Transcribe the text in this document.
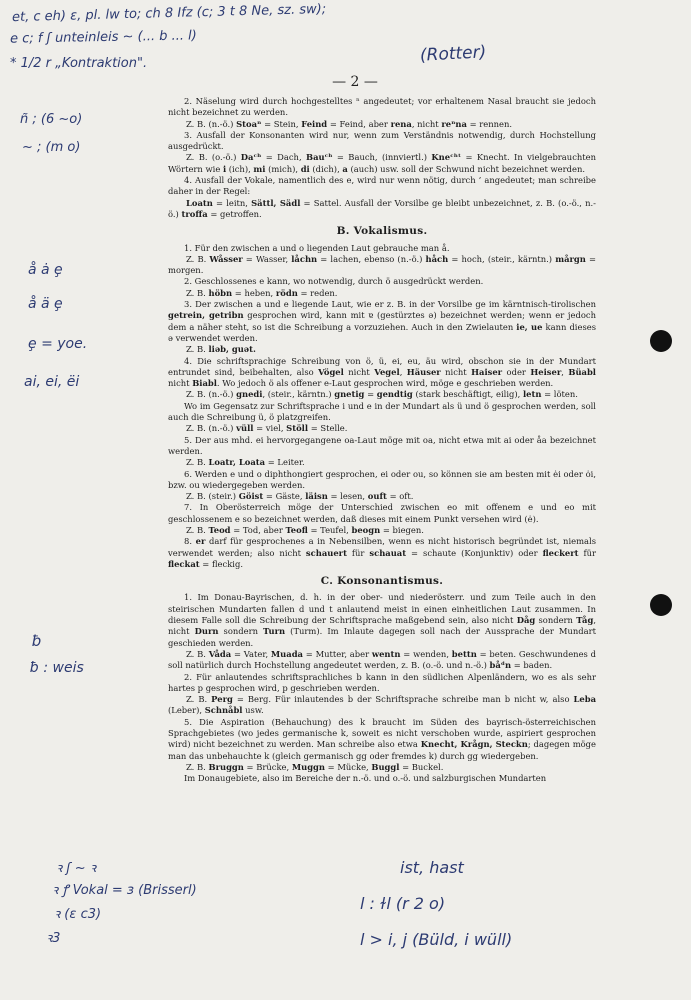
et, c eh) ε, pl. lw to; ch 8 Ifz (c; 3 t 8 Ne, sz. sw);
e c; f ʃ unteinleis ~ (... b ... l)
* 1/2 r „Kontraktion".	(Rotter)
— 2 —
ñ ; (6 ~o)
~ ; (m o)
å ȧ ȩ
å ä ȩ
ȩ = yoe.
ai, ei, ëi
ƀ
ƀ : weis

2. Näselung wird durch hochgestelltes ⁿ angedeutet; vor erhaltenem Nasal braucht sie jedoch nicht bezeichnet zu werden.

Z. B. (n.-ö.) Stoaⁿ = Stein, Feind = Feind, aber rena, nicht reⁿna = rennen.

3. Ausfall der Konsonanten wird nur, wenn zum Verständnis notwendig, durch Hochstellung ausgedrückt.

Z. B. (o.-ö.) Daᶜʰ = Dach, Bauᶜʰ = Bauch, (innviertl.) Kneᶜʰᵗ = Knecht. In vielgebrauchten Wörtern wie i (ich), mi (mich), di (dich), a (auch) usw. soll der Schwund nicht bezeichnet werden.

4. Ausfall der Vokale, namentlich des e, wird nur wenn nötig, durch ’ angedeutet; man schreibe daher in der Regel:

Loatn = leitn, Sättl, Sädl = Sattel. Ausfall der Vorsilbe ge bleibt unbezeichnet, z. B. (o.-ö., n.-ö.) troffa = getroffen.

B. Vokalismus.

1. Für den zwischen a und o liegenden Laut gebrauche man å.

Z. B. Wåsser = Wasser, låchn = lachen, ebenso (n.-ö.) håch = hoch, (steir., kärntn.) mårgn = morgen.

2. Geschlossenes e kann, wo notwendig, durch ö ausgedrückt werden.

Z. B. höbn = heben, rödn = reden.

3. Der zwischen a und e liegende Laut, wie er z. B. in der Vorsilbe ge im kärntnisch-tirolischen getrein, getribn gesprochen wird, kann mit ɐ (gestürztes ə) bezeichnet werden; wenn er jedoch dem a näher steht, so ist die Schreibung a vorzuziehen. Auch in den Zwielauten ie, ue kann dieses ə verwendet werden.

Z. B. liəb, guət.

4. Die schriftsprachige Schreibung von ö, ü, ei, eu, äu wird, obschon sie in der Mundart entrundet sind, beibehalten, also Vögel nicht Vegel, Häuser nicht Haiser oder Heiser, Büabl nicht Biabl. Wo jedoch ö als offener e-Laut gesprochen wird, möge e geschrieben werden.

Z. B. (n.-ö.) gnedi, (steir., kärntn.) gnetig = gendtig (stark beschäftigt, eilig), letn = löten.

Wo im Gegensatz zur Schriftsprache i und e in der Mundart als ü und ö gesprochen werden, soll auch die Schreibung ü, ö platzgreifen.

Z. B. (n.-ö.) vüll = viel, Stöll = Stelle.

5. Der aus mhd. ei hervorgegangene oa-Laut möge mit oa, nicht etwa mit ai oder åa bezeichnet werden.

Z. B. Loatr, Loata = Leiter.

6. Werden e und o diphthongiert gesprochen, ei oder ou, so können sie am besten mit ėi oder ȯi, bzw. ou wiedergegeben werden.

Z. B. (steir.) Göist = Gäste, läisn = lesen, ouft = oft.

7. In Oberösterreich möge der Unterschied zwischen eo mit offenem e und eo mit geschlossenem e so bezeichnet werden, daß dieses mit einem Punkt versehen wird (ė).

Z. B. Teod = Tod, aber Teofl = Teufel, beogn = biegen.

8. er darf für gesprochenes a in Nebensilben, wenn es nicht historisch begründet ist, niemals verwendet werden; also nicht schauert für schauat = schaute (Konjunktiv) oder fleckert für fleckat = fleckig.

C. Konsonantismus.

1. Im Donau-Bayrischen, d. h. in der ober- und niederösterr. und zum Teile auch in den steirischen Mundarten fallen d und t anlautend meist in einen einheitlichen Laut zusammen. In diesem Falle soll die Schreibung der Schriftsprache maßgebend sein, also nicht Dåg sondern Tåg, nicht Durn sondern Turn (Turm). Im Inlaute dagegen soll nach der Aussprache der Mundart geschieden werden.

Z. B. Våda = Vater, Muada = Mutter, aber wentn = wenden, bettn = beten. Geschwundenes d soll natürlich durch Hochstellung angedeutet werden, z. B. (o.-ö. und n.-ö.) båᵈn = baden.

2. Für anlautendes schriftsprachliches b kann in den südlichen Alpenländern, wo es als sehr hartes p gesprochen wird, p geschrieben werden.

Z. B. Perg = Berg. Für inlautendes b der Schriftsprache schreibe man b nicht w, also Leba (Leber), Schnåbl usw.

5. Die Aspiration (Behauchung) des k braucht im Süden des bayrisch-österreichischen Sprachgebietes (wo jedes germanische k, soweit es nicht verschoben wurde, aspiriert gesprochen wird) nicht bezeichnet zu werden. Man schreibe also etwa Knecht, Krågn, Steckn; dagegen möge man das unbehauchte k (gleich germanisch gg oder fremdes k) durch gg wiedergeben.

Z. B. Bruggn = Brücke, Muggn = Mücke, Buggl = Buckel.

Im Donaugebiete, also im Bereiche der n.-ö. und o.-ö. und salzburgischen Mundarten

ꝛ ʃ ~ ꝛ
ꝛ ꝭ Vokal = ɜ (Brisserl)
ꝛ (ɛ c3)
ꝛ3
ist, hast
l : ɫl (r 2 o)
l > i, j (Büld, i wüll)
